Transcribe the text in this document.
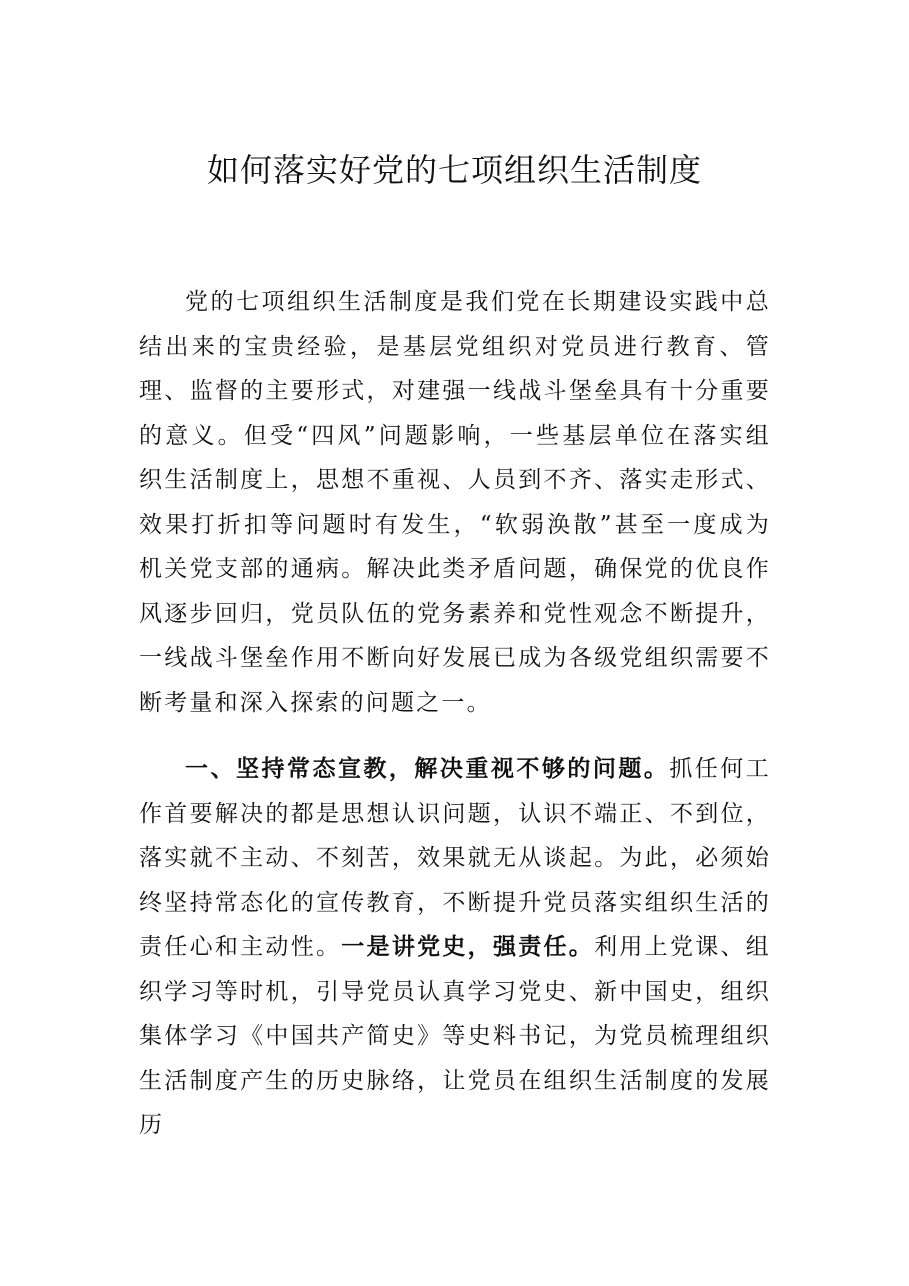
如何落实好党的七项组织生活制度

党的七项组织生活制度是我们党在长期建设实践中总结出来的宝贵经验，是基层党组织对党员进行教育、管理、监督的主要形式，对建强一线战斗堡垒具有十分重要的意义。但受“四风”问题影响，一些基层单位在落实组织生活制度上，思想不重视、人员到不齐、落实走形式、效果打折扣等问题时有发生，“软弱涣散”甚至一度成为机关党支部的通病。解决此类矛盾问题，确保党的优良作风逐步回归，党员队伍的党务素养和党性观念不断提升，一线战斗堡垒作用不断向好发展已成为各级党组织需要不断考量和深入探索的问题之一。

一、坚持常态宣教，解决重视不够的问题。抓任何工作首要解决的都是思想认识问题，认识不端正、不到位，落实就不主动、不刻苦，效果就无从谈起。为此，必须始终坚持常态化的宣传教育，不断提升党员落实组织生活的责任心和主动性。一是讲党史，强责任。利用上党课、组织学习等时机，引导党员认真学习党史、新中国史，组织集体学习《中国共产简史》等史料书记，为党员梳理组织生活制度产生的历史脉络，让党员在组织生活制度的发展历
